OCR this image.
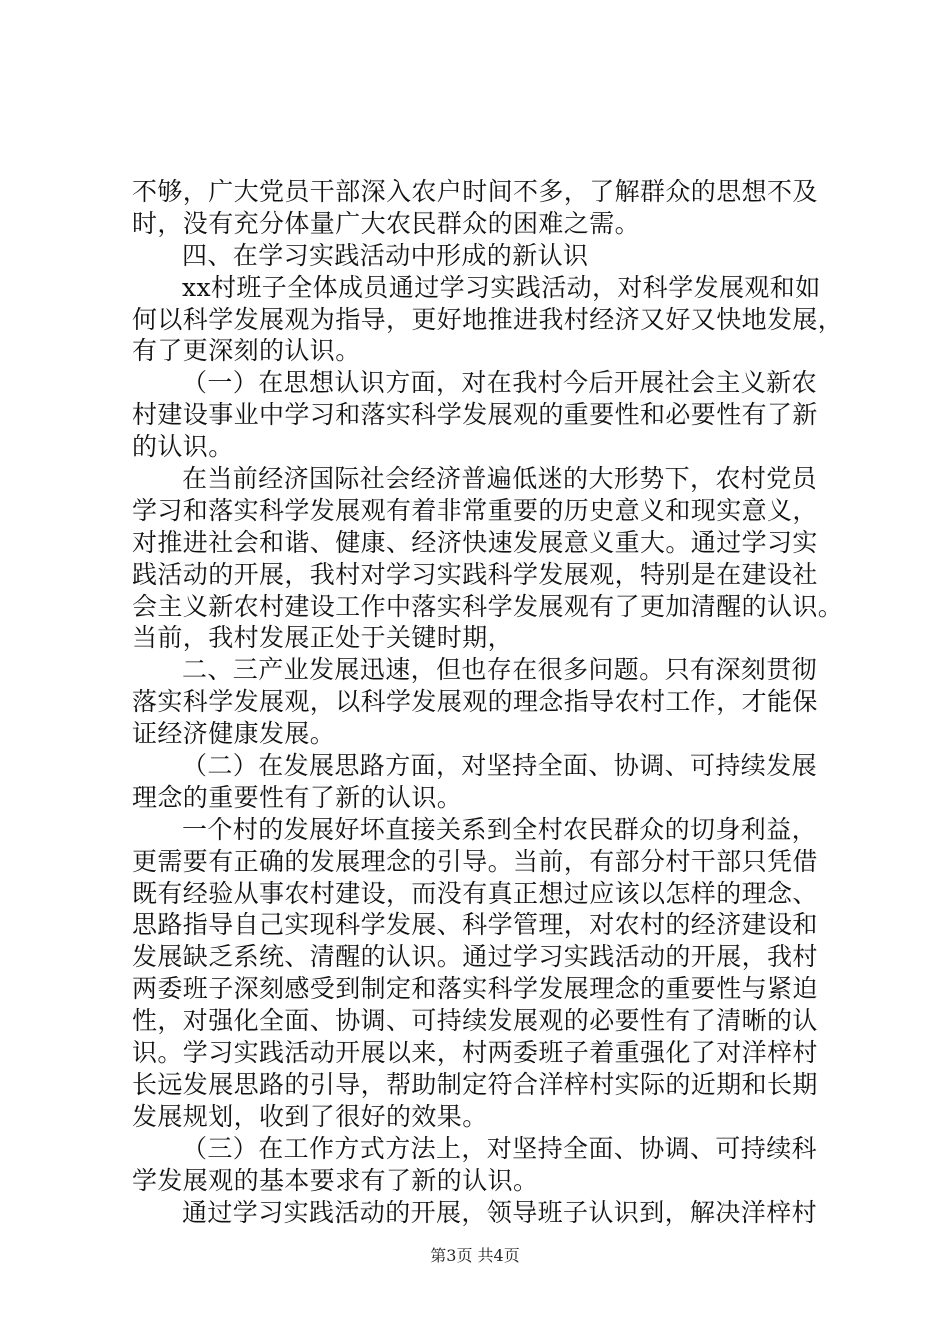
不够，广大党员干部深入农户时间不多，了解群众的思想不及
时，没有充分体量广大农民群众的困难之需。
四、在学习实践活动中形成的新认识
xx村班子全体成员通过学习实践活动，对科学发展观和如
何以科学发展观为指导，更好地推进我村经济又好又快地发展，
有了更深刻的认识。
（一）在思想认识方面，对在我村今后开展社会主义新农
村建设事业中学习和落实科学发展观的重要性和必要性有了新
的认识。
在当前经济国际社会经济普遍低迷的大形势下，农村党员
学习和落实科学发展观有着非常重要的历史意义和现实意义，
对推进社会和谐、健康、经济快速发展意义重大。通过学习实
践活动的开展，我村对学习实践科学发展观，特别是在建设社
会主义新农村建设工作中落实科学发展观有了更加清醒的认识。
当前，我村发展正处于关键时期，
二、三产业发展迅速，但也存在很多问题。只有深刻贯彻
落实科学发展观，以科学发展观的理念指导农村工作，才能保
证经济健康发展。
（二）在发展思路方面，对坚持全面、协调、可持续发展
理念的重要性有了新的认识。
一个村的发展好坏直接关系到全村农民群众的切身利益，
更需要有正确的发展理念的引导。当前，有部分村干部只凭借
既有经验从事农村建设，而没有真正想过应该以怎样的理念、
思路指导自己实现科学发展、科学管理，对农村的经济建设和
发展缺乏系统、清醒的认识。通过学习实践活动的开展，我村
两委班子深刻感受到制定和落实科学发展理念的重要性与紧迫
性，对强化全面、协调、可持续发展观的必要性有了清晰的认
识。学习实践活动开展以来，村两委班子着重强化了对洋梓村
长远发展思路的引导，帮助制定符合洋梓村实际的近期和长期
发展规划，收到了很好的效果。
（三）在工作方式方法上，对坚持全面、协调、可持续科
学发展观的基本要求有了新的认识。
通过学习实践活动的开展，领导班子认识到，解决洋梓村
第3页 共4页
